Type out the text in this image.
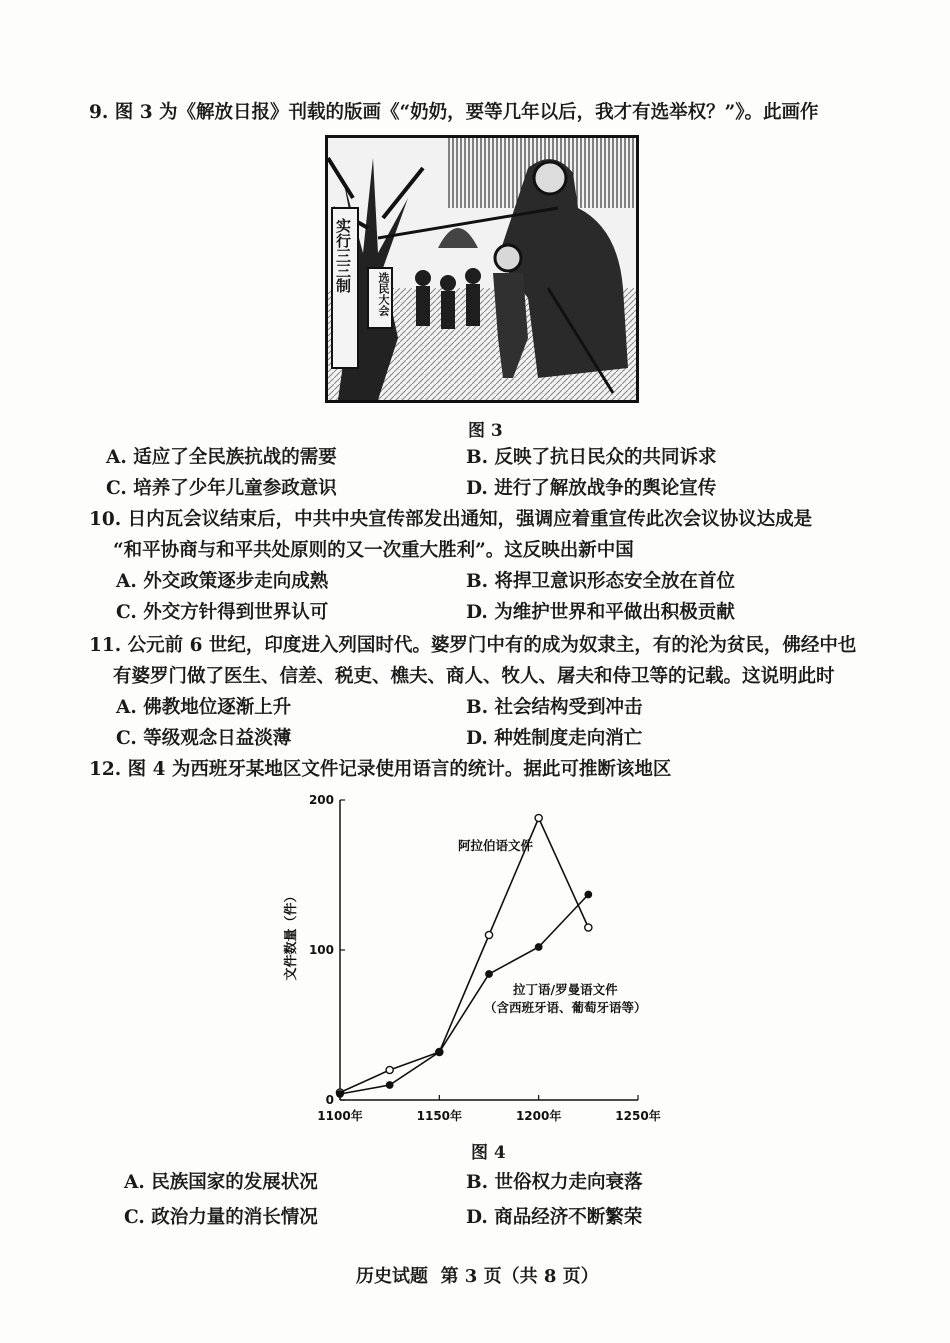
9. 图 3 为《解放日报》刊载的版画《“奶奶，要等几年以后，我才有选举权？”》。此画作
实行三三制
选民大会
图 3
A. 适应了全民族抗战的需要	B. 反映了抗日民众的共同诉求
C. 培养了少年儿童参政意识	D. 进行了解放战争的舆论宣传
10. 日内瓦会议结束后，中共中央宣传部发出通知，强调应着重宣传此次会议协议达成是
“和平协商与和平共处原则的又一次重大胜利”。这反映出新中国
A. 外交政策逐步走向成熟	B. 将捍卫意识形态安全放在首位
C. 外交方针得到世界认可	D. 为维护世界和平做出积极贡献
11. 公元前 6 世纪，印度进入列国时代。婆罗门中有的成为奴隶主，有的沦为贫民，佛经中也
有婆罗门做了医生、信差、税吏、樵夫、商人、牧人、屠夫和侍卫等的记载。这说明此时
A. 佛教地位逐渐上升	B. 社会结构受到冲击
C. 等级观念日益淡薄	D. 种姓制度走向消亡
12. 图 4 为西班牙某地区文件记录使用语言的统计。据此可推断该地区
0
100
200
1100年	1150年	1200年	1250年
文件数量（件）
阿拉伯语文件
拉丁语/罗曼语文件
（含西班牙语、葡萄牙语等）
图 4
A. 民族国家的发展状况	B. 世俗权力走向衰落
C. 政治力量的消长情况	D. 商品经济不断繁荣
历史试题  第 3 页（共 8 页）
